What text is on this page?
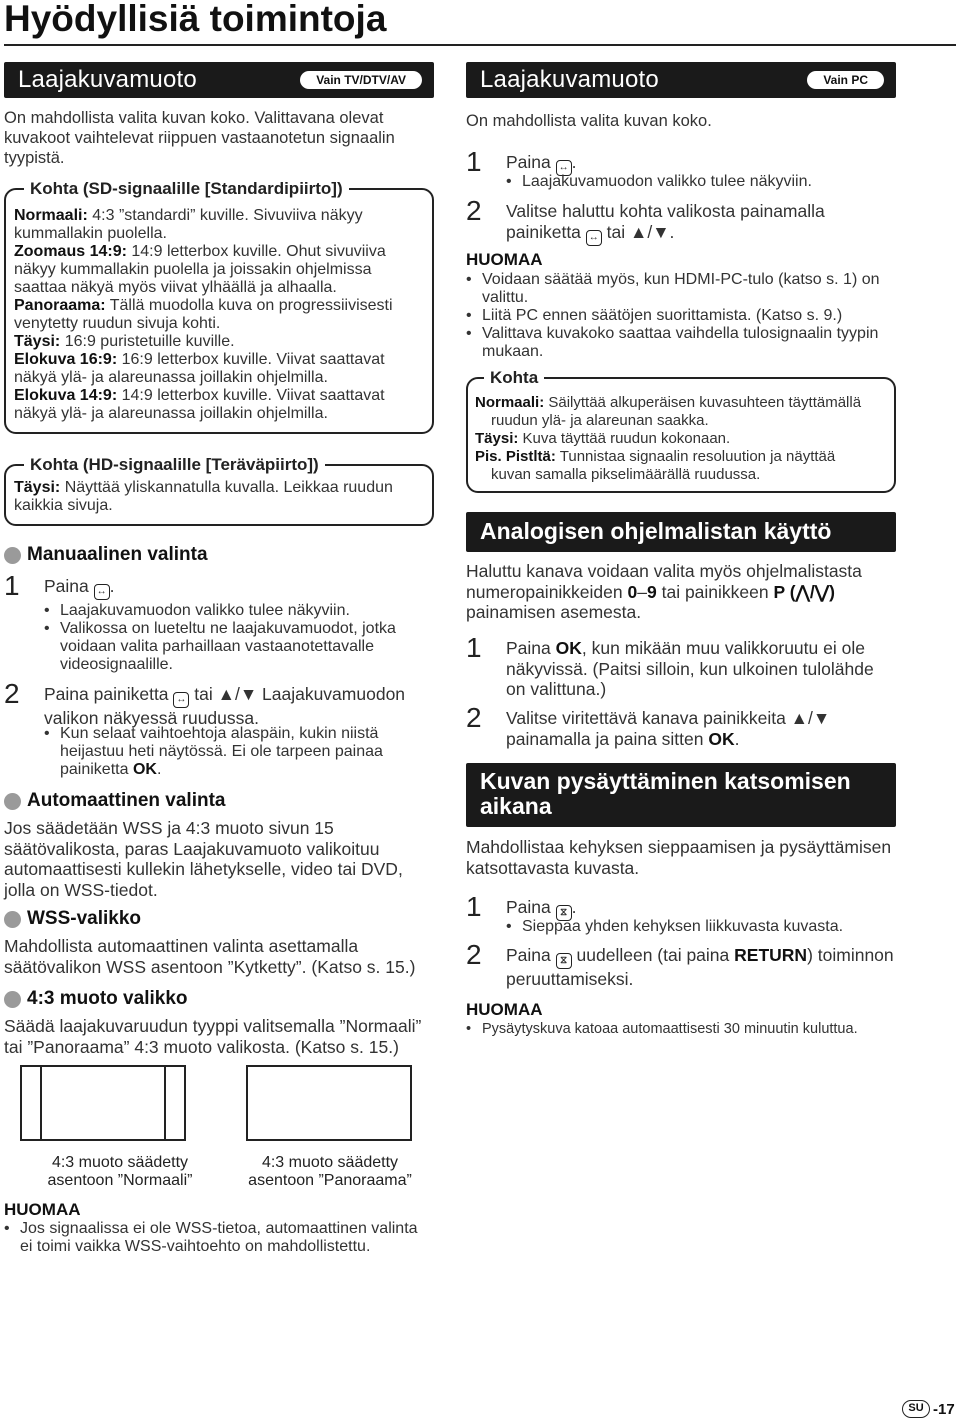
Hyödyllisiä toimintoja
Laajakuvamuoto	Vain TV/DTV/AV
On mahdollista valita kuvan koko. Valittavana olevat kuvakoot vaihtelevat riippuen vastaanotetun signaalin tyypistä.
Kohta (SD-signaalille [Standardipiirto])
Normaali: 4:3 ”standardi” kuville. Sivuviiva näkyy
kummallakin puolella.
Zoomaus 14:9: 14:9 letterbox kuville. Ohut sivuviiva
näkyy kummallakin puolella ja joissakin ohjelmissa
saattaa näkyä myös viivat ylhäällä ja alhaalla.
Panoraama: Tällä muodolla kuva on progressiivisesti
venytetty ruudun sivuja kohti.
Täysi: 16:9 puristetuille kuville.
Elokuva 16:9: 16:9 letterbox kuville. Viivat saattavat
näkyä ylä- ja alareunassa joillakin ohjelmilla.
Elokuva 14:9: 14:9 letterbox kuville. Viivat saattavat
näkyä ylä- ja alareunassa joillakin ohjelmilla.
Kohta (HD-signaalille [Teräväpiirto])
Täysi: Näyttää yliskannatulla kuvalla. Leikkaa ruudun
kaikkia sivuja.
Manuaalinen valinta
1 Paina ↔ .
• Laajakuvamuodon valikko tulee näkyviin.
• Valikossa on lueteltu ne laajakuvamuodot, jotka
voidaan valita parhaillaan vastaanotettavalle
videosignaalille.
2 Paina painiketta ↔ tai ▲/▼ Laajakuvamuodon
valikon näkyessä ruudussa.
• Kun selaat vaihtoehtoja alaspäin, kukin niistä
heijastuu heti näytössä. Ei ole tarpeen painaa
painiketta OK.
Automaattinen valinta
Jos säädetään WSS ja 4:3 muoto sivun 15
säätövalikosta, paras Laajakuvamuoto valikoituu
automaattisesti kullekin lähetykselle, video tai DVD,
jolla on WSS-tiedot.
WSS-valikko
Mahdollista automaattinen valinta asettamalla
säätövalikon WSS asentoon ”Kytketty”. (Katso s. 15.)
4:3 muoto valikko
Säädä laajakuvaruudun tyyppi valitsemalla ”Normaali”
tai ”Panoraama” 4:3 muoto valikosta. (Katso s. 15.)
4:3 muoto säädetty
asentoon ”Normaali”
4:3 muoto säädetty
asentoon ”Panoraama”
HUOMAA
• Jos signaalissa ei ole WSS-tietoa, automaattinen valinta
ei toimi vaikka WSS-vaihtoehto on mahdollistettu.
Laajakuvamuoto	Vain PC
On mahdollista valita kuvan koko.
1 Paina ↔ .
• Laajakuvamuodon valikko tulee näkyviin.
2 Valitse haluttu kohta valikosta painamalla
painiketta ↔ tai ▲/▼.
HUOMAA
• Voidaan säätää myös, kun HDMI-PC-tulo (katso s. 1) on
valittu.
• Liitä PC ennen säätöjen suorittamista. (Katso s. 9.)
• Valittava kuvakoko saattaa vaihdella tulosignaalin tyypin
mukaan.
Kohta
Normaali: Säilyttää alkuperäisen kuvasuhteen täyttämällä
ruudun ylä- ja alareunan saakka.
Täysi: Kuva täyttää ruudun kokonaan.
Pis. Pistltä: Tunnistaa signaalin resoluution ja näyttää
kuvan samalla pikselimäärällä ruudussa.
Analogisen ohjelmalistan käyttö
Haluttu kanava voidaan valita myös ohjelmalistasta
numeropainikkeiden 0–9 tai painikkeen P (⋀/⋁)
painamisen asemesta.
1 Paina OK, kun mikään muu valikkoruutu ei ole
näkyvissä. (Paitsi silloin, kun ulkoinen tulolähde
on valittuna.)
2 Valitse viritettävä kanava painikkeita ▲/▼
painamalla ja paina sitten OK.
Kuvan pysäyttäminen katsomisen
aikana
Mahdollistaa kehyksen sieppaamisen ja pysäyttämisen
katsottavasta kuvasta.
1 Paina ⧖ .
• Sieppaa yhden kehyksen liikkuvasta kuvasta.
2 Paina ⧖ uudelleen (tai paina RETURN) toiminnon
peruuttamiseksi.
HUOMAA
• Pysäytyskuva katoaa automaattisesti 30 minuutin kuluttua.
SU -17
